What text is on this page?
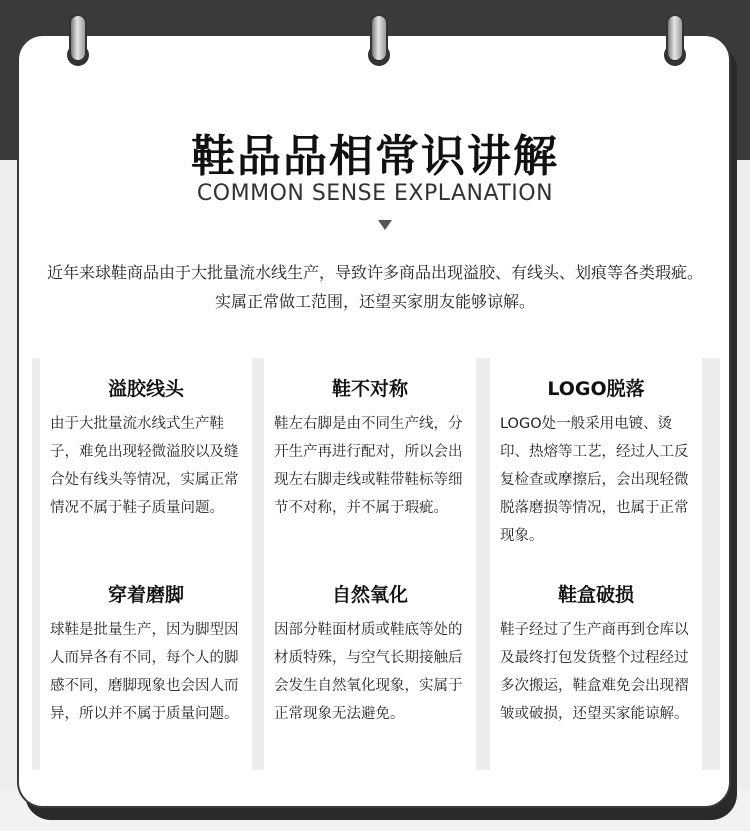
鞋品品相常识讲解
COMMON SENSE EXPLANATION
近年来球鞋商品由于大批量流水线生产，导致许多商品出现溢胶、有线头、划痕等各类瑕疵。
实属正常做工范围，还望买家朋友能够谅解。
溢胶线头
由于大批量流水线式生产鞋子，难免出现轻微溢胶以及缝合处有线头等情况，实属正常情况不属于鞋子质量问题。
穿着磨脚
球鞋是批量生产，因为脚型因人而异各有不同，每个人的脚感不同，磨脚现象也会因人而异，所以并不属于质量问题。
鞋不对称
鞋左右脚是由不同生产线，分开生产再进行配对，所以会出现左右脚走线或鞋带鞋标等细节不对称，并不属于瑕疵。
自然氧化
因部分鞋面材质或鞋底等处的材质特殊，与空气长期接触后会发生自然氧化现象，实属于正常现象无法避免。
LOGO脱落
LOGO处一般采用电镀、烫印、热熔等工艺，经过人工反复检查或摩擦后，会出现轻微脱落磨损等情况，也属于正常现象。
鞋盒破损
鞋子经过了生产商再到仓库以及最终打包发货整个过程经过多次搬运，鞋盒难免会出现褶皱或破损，还望买家能谅解。
